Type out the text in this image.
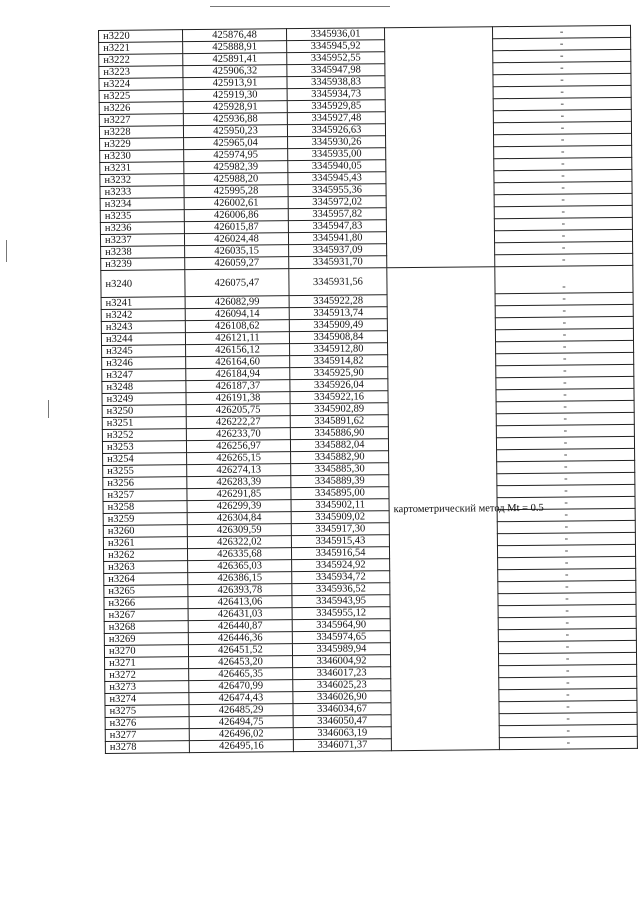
н3220	425876,48	3345936,01		-
н3221	425888,91	3345945,92		-
н3222	425891,41	3345952,55		-
н3223	425906,32	3345947,98		-
н3224	425913,91	3345938,83		-
н3225	425919,30	3345934,73		-
н3226	425928,91	3345929,85		-
н3227	425936,88	3345927,48		-
н3228	425950,23	3345926,63		-
н3229	425965,04	3345930,26		-
н3230	425974,95	3345935,00		-
н3231	425982,39	3345940,05		-
н3232	425988,20	3345945,43		-
н3233	425995,28	3345955,36		-
н3234	426002,61	3345972,02		-
н3235	426006,86	3345957,82		-
н3236	426015,87	3345947,83		-
н3237	426024,48	3345941,80		-
н3238	426035,15	3345937,09		-
н3239	426059,27	3345931,70		-
н3240	426075,47	3345931,56	картометрический метод Mt = 0.5	-
н3241	426082,99	3345922,28		-
н3242	426094,14	3345913,74		-
н3243	426108,62	3345909,49		-
н3244	426121,11	3345908,84		-
н3245	426156,12	3345912,80		-
н3246	426164,60	3345914,82		-
н3247	426184,94	3345925,90		-
н3248	426187,37	3345926,04		-
н3249	426191,38	3345922,16		-
н3250	426205,75	3345902,89		-
н3251	426222,27	3345891,62		-
н3252	426233,70	3345886,90		-
н3253	426256,97	3345882,04		-
н3254	426265,15	3345882,90		-
н3255	426274,13	3345885,30		-
н3256	426283,39	3345889,39		-
н3257	426291,85	3345895,00		-
н3258	426299,39	3345902,11		-
н3259	426304,84	3345909,02		-
н3260	426309,59	3345917,30		-
н3261	426322,02	3345915,43		-
н3262	426335,68	3345916,54		-
н3263	426365,03	3345924,92		-
н3264	426386,15	3345934,72		-
н3265	426393,78	3345936,52		-
н3266	426413,06	3345943,95		-
н3267	426431,03	3345955,12		-
н3268	426440,87	3345964,90		-
н3269	426446,36	3345974,65		-
н3270	426451,52	3345989,94		-
н3271	426453,20	3346004,92		-
н3272	426465,35	3346017,23		-
н3273	426470,99	3346025,23		-
н3274	426474,43	3346026,90		-
н3275	426485,29	3346034,67		-
н3276	426494,75	3346050,47		-
н3277	426496,02	3346063,19		-
н3278	426495,16	3346071,37		-
